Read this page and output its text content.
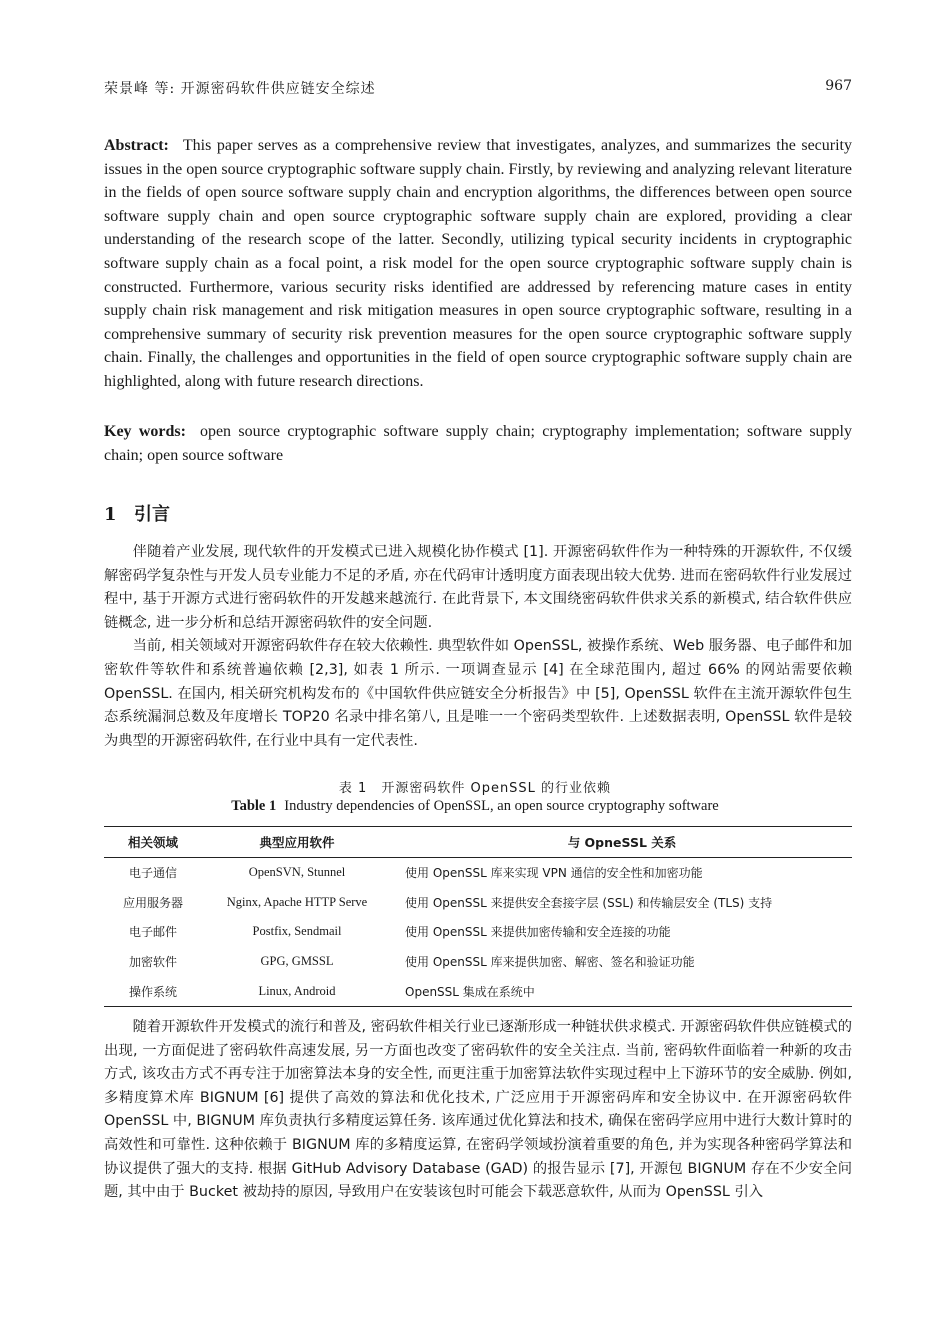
荣景峰 等: 开源密码软件供应链安全综述	967
Abstract: This paper serves as a comprehensive review that investigates, analyzes, and summarizes the security issues in the open source cryptographic software supply chain. Firstly, by reviewing and analyzing relevant literature in the fields of open source software supply chain and encryption algorithms, the differences between open source software supply chain and open source cryptographic software supply chain are explored, providing a clear understanding of the research scope of the latter. Secondly, utilizing typical security incidents in cryptographic software supply chain as a focal point, a risk model for the open source cryptographic software supply chain is constructed. Furthermore, various security risks identified are addressed by referencing mature cases in entity supply chain risk management and risk mitigation measures in open source cryptographic software, resulting in a comprehensive summary of security risk prevention measures for the open source cryptographic software supply chain. Finally, the challenges and opportunities in the field of open source cryptographic software supply chain are highlighted, along with future research directions.
Key words: open source cryptographic software supply chain; cryptography implementation; software supply chain; open source software
1 引言

伴随着产业发展, 现代软件的开发模式已进入规模化协作模式 [1]. 开源密码软件作为一种特殊的开源软件, 不仅缓解密码学复杂性与开发人员专业能力不足的矛盾, 亦在代码审计透明度方面表现出较大优势. 进而在密码软件行业发展过程中, 基于开源方式进行密码软件的开发越来越流行. 在此背景下, 本文围绕密码软件供求关系的新模式, 结合软件供应链概念, 进一步分析和总结开源密码软件的安全问题.

当前, 相关领域对开源密码软件存在较大依赖性. 典型软件如 OpenSSL, 被操作系统、Web 服务器、电子邮件和加密软件等软件和系统普遍依赖 [2,3], 如表 1 所示. 一项调查显示 [4] 在全球范围内, 超过 66% 的网站需要依赖 OpenSSL. 在国内, 相关研究机构发布的《中国软件供应链安全分析报告》中 [5], OpenSSL 软件在主流开源软件包生态系统漏洞总数及年度增长 TOP20 名录中排名第八, 且是唯一一个密码类型软件. 上述数据表明, OpenSSL 软件是较为典型的开源密码软件, 在行业中具有一定代表性.

表 1　开源密码软件 OpenSSL 的行业依赖
Table 1 Industry dependencies of OpenSSL, an open source cryptography software
相关领域	典型应用软件	与 OpneSSL 关系
电子通信	OpenSVN, Stunnel	使用 OpenSSL 库来实现 VPN 通信的安全性和加密功能
应用服务器	Nginx, Apache HTTP Serve	使用 OpenSSL 来提供安全套接字层 (SSL) 和传输层安全 (TLS) 支持
电子邮件	Postfix, Sendmail	使用 OpenSSL 来提供加密传输和安全连接的功能
加密软件	GPG, GMSSL	使用 OpenSSL 库来提供加密、解密、签名和验证功能
操作系统	Linux, Android	OpenSSL 集成在系统中

随着开源软件开发模式的流行和普及, 密码软件相关行业已逐渐形成一种链状供求模式. 开源密码软件供应链模式的出现, 一方面促进了密码软件高速发展, 另一方面也改变了密码软件的安全关注点. 当前, 密码软件面临着一种新的攻击方式, 该攻击方式不再专注于加密算法本身的安全性, 而更注重于加密算法软件实现过程中上下游环节的安全威胁. 例如, 多精度算术库 BIGNUM [6] 提供了高效的算法和优化技术, 广泛应用于开源密码库和安全协议中. 在开源密码软件 OpenSSL 中, BIGNUM 库负责执行多精度运算任务. 该库通过优化算法和技术, 确保在密码学应用中进行大数计算时的高效性和可靠性. 这种依赖于 BIGNUM 库的多精度运算, 在密码学领域扮演着重要的角色, 并为实现各种密码学算法和协议提供了强大的支持. 根据 GitHub Advisory Database (GAD) 的报告显示 [7], 开源包 BIGNUM 存在不少安全问题, 其中由于 Bucket 被劫持的原因, 导致用户在安装该包时可能会下载恶意软件, 从而为 OpenSSL 引入
